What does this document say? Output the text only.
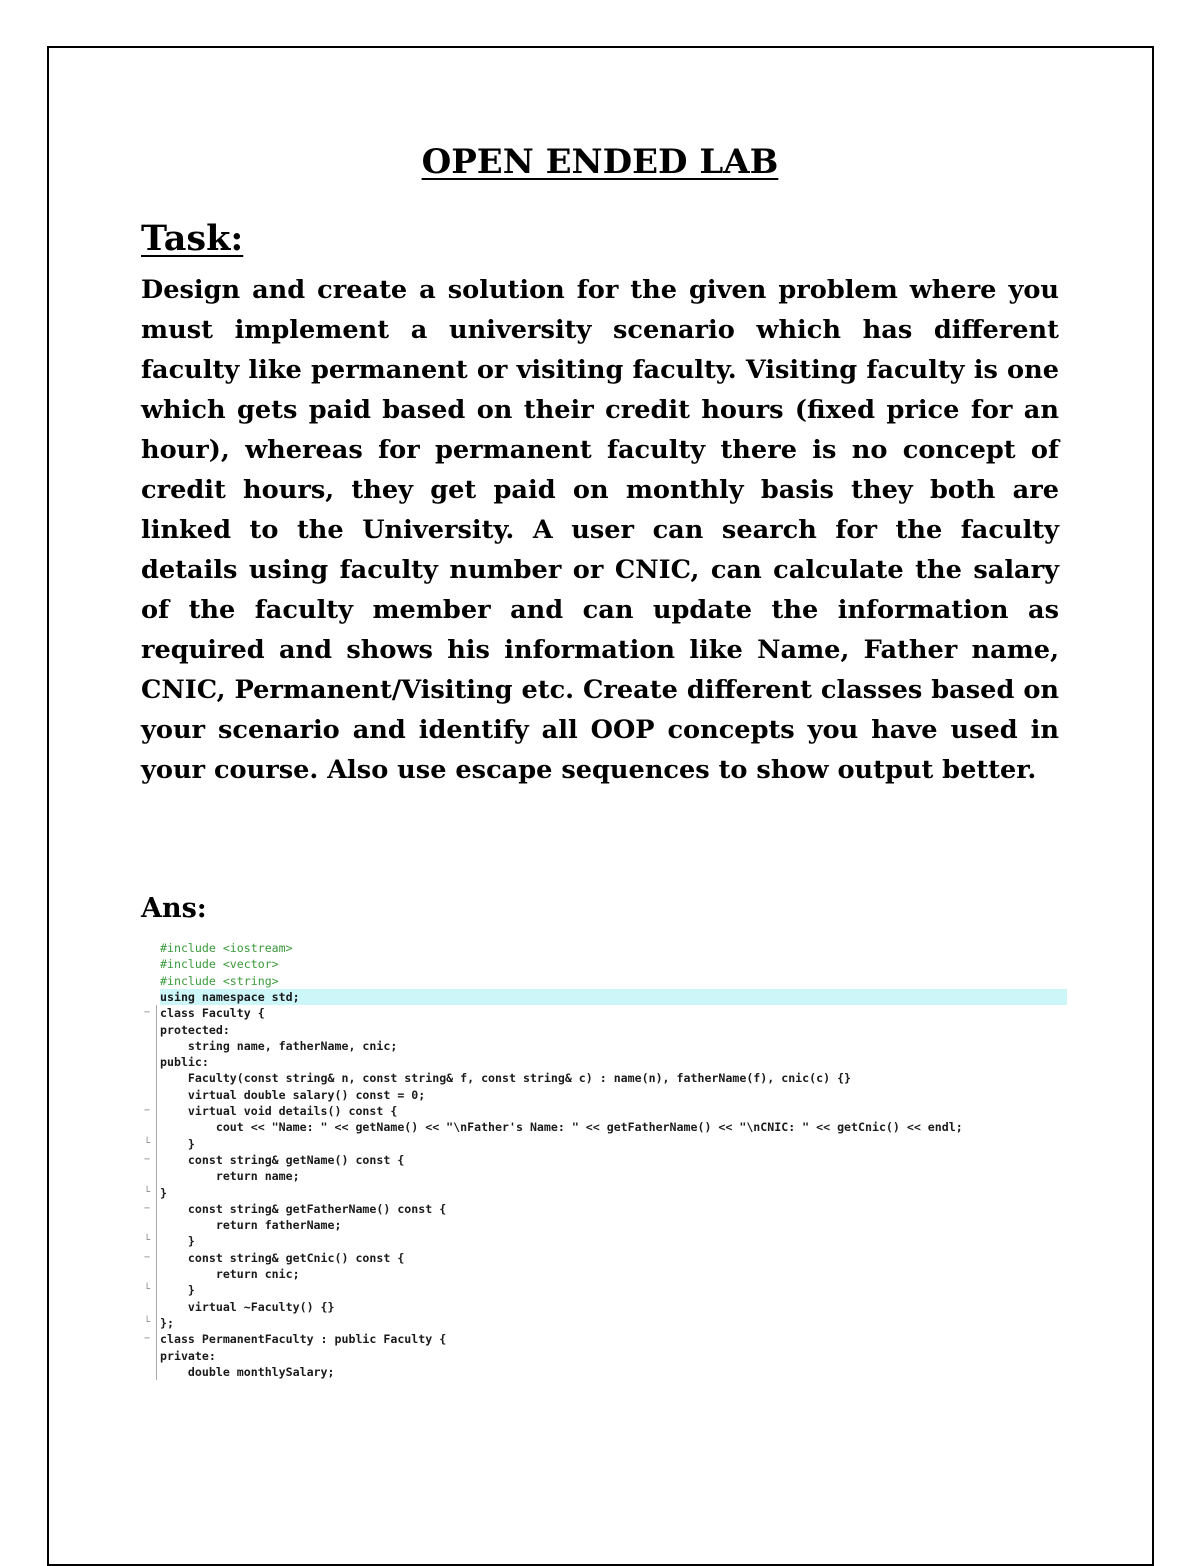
OPEN ENDED LAB
Task:

Design and create a solution for the given problem where you must implement a university scenario which has different faculty like permanent or visiting faculty. Visiting faculty is one which gets paid based on their credit hours (fixed price for an hour), whereas for permanent faculty there is no concept of credit hours, they get paid on monthly basis they both are linked to the University. A user can search for the faculty details using faculty number or CNIC, can calculate the salary of the faculty member and can update the information as required and shows his information like Name, Father name, CNIC, Permanent/Visiting etc. Create different classes based on your scenario and identify all OOP concepts you have used in your course. Also use escape sequences to show output better.

Ans:
#include <iostream>
#include <vector>
#include <string>
using namespace std;
class Faculty {
−
protected:
string name, fatherName, cnic;
public:
Faculty(const string& n, const string& f, const string& c) : name(n), fatherName(f), cnic(c) {}
virtual double salary() const = 0;
virtual void details() const {
−
cout << "Name: " << getName() << "\nFather's Name: " << getFatherName() << "\nCNIC: " << getCnic() << endl;
}
└
const string& getName() const {
−
return name;
}
└
const string& getFatherName() const {
−
return fatherName;
}
└
const string& getCnic() const {
−
return cnic;
}
└
virtual ~Faculty() {}
};
└
class PermanentFaculty : public Faculty {
−
private:
double monthlySalary;
